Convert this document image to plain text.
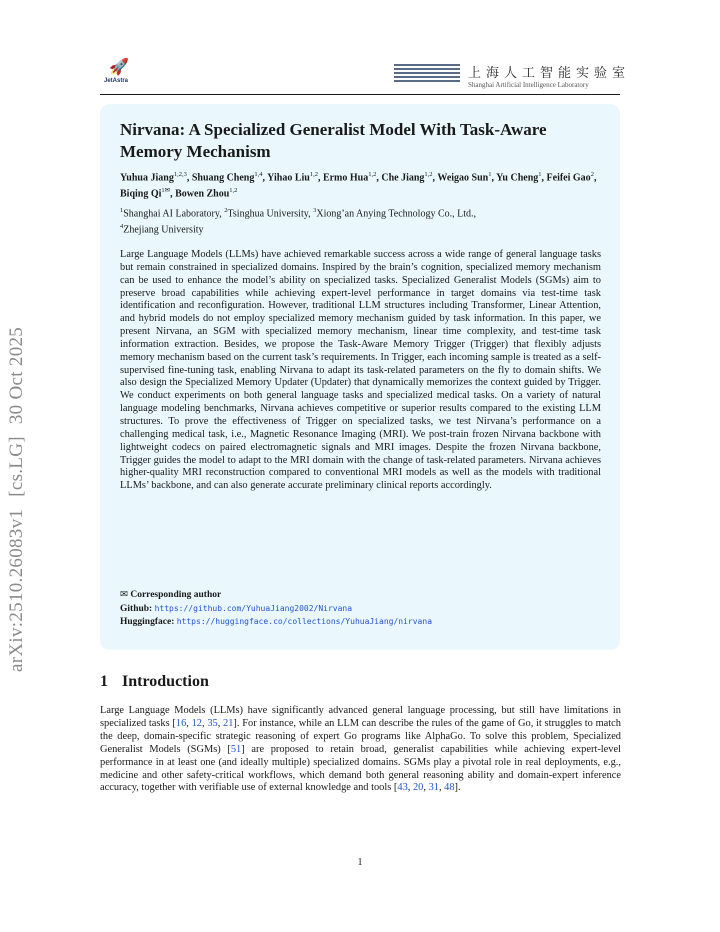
🚀
JetAstra
上海人工智能实验室
Shanghai Artificial Intelligence Laboratory
arXiv:2510.26083v1[cs.LG]30 Oct 2025
Nirvana: A Specialized Generalist Model With Task-Aware Memory Mechanism
Yuhua Jiang$^{1,2,3}$, Shuang Cheng$^{1,4}$, Yihao Liu$^{1,2}$, Ermo Hua$^{1,2}$, Che Jiang$^{1,2}$, Weigao Sun$^1$, Yu Cheng$^1$, Feifei Gao$^2$, Biqing $Qi^{1✉}$, Bowen Zhou$^{1,2}$
$^1$Shanghai AI Laboratory, $^2$Tsinghua University, $^3$Xiong’an Anying Technology Co., Ltd.,
$^4$Zhejiang University

Large Language Models (LLMs) have achieved remarkable success across a wide range of general language tasks but remain constrained in specialized domains. Inspired by the brain’s cognition, specialized memory mechanism can be used to enhance the model’s ability on specialized tasks. Specialized Generalist Models (SGMs) aim to preserve broad capabilities while achieving expert-level performance in target domains via test-time task identification and reconfiguration. However, traditional LLM structures including Transformer, Linear Attention, and hybrid models do not employ specialized memory mechanism guided by task information. In this paper, we present Nirvana, an SGM with specialized memory mechanism, linear time complexity, and test-time task information extraction. Besides, we propose the Task-Aware Memory Trigger (Trigger) that flexibly adjusts memory mechanism based on the current task’s requirements. In Trigger, each incoming sample is treated as a self-supervised fine-tuning task, enabling Nirvana to adapt its task-related parameters on the fly to domain shifts. We also design the Specialized Memory Updater (Updater) that dynamically memorizes the context guided by Trigger. We conduct experiments on both general language tasks and specialized medical tasks. On a variety of natural language modeling benchmarks, Nirvana achieves competitive or superior results compared to the existing LLM structures. To prove the effectiveness of Trigger on specialized tasks, we test Nirvana’s performance on a challenging medical task, i.e., Magnetic Resonance Imaging (MRI). We post-train frozen Nirvana backbone with lightweight codecs on paired electromagnetic signals and MRI images. Despite the frozen Nirvana backbone, Trigger guides the model to adapt to the MRI domain with the change of task-related parameters. Nirvana achieves higher-quality MRI reconstruction compared to conventional MRI models as well as the models with traditional LLMs’ backbone, and can also generate accurate preliminary clinical reports accordingly.

✉ Corresponding author
Github: https://github.com/YuhuaJiang2002/Nirvana
Huggingface: https://huggingface.co/collections/YuhuaJiang/nirvana
1 Introduction

Large Language Models (LLMs) have significantly advanced general language processing, but still have limitations in specialized tasks [16, 12, 35, 21]. For instance, while an LLM can describe the rules of the game of Go, it struggles to match the deep, domain-specific strategic reasoning of expert Go programs like AlphaGo. To solve this problem, Specialized Generalist Models (SGMs) [51] are proposed to retain broad, generalist capabilities while achieving expert-level performance in at least one (and ideally multiple) specialized domains. SGMs play a pivotal role in real deployments, e.g., medicine and other safety-critical workflows, which demand both general reasoning ability and domain-expert inference accuracy, together with verifiable use of external knowledge and tools [43, 20, 31, 48].

1
